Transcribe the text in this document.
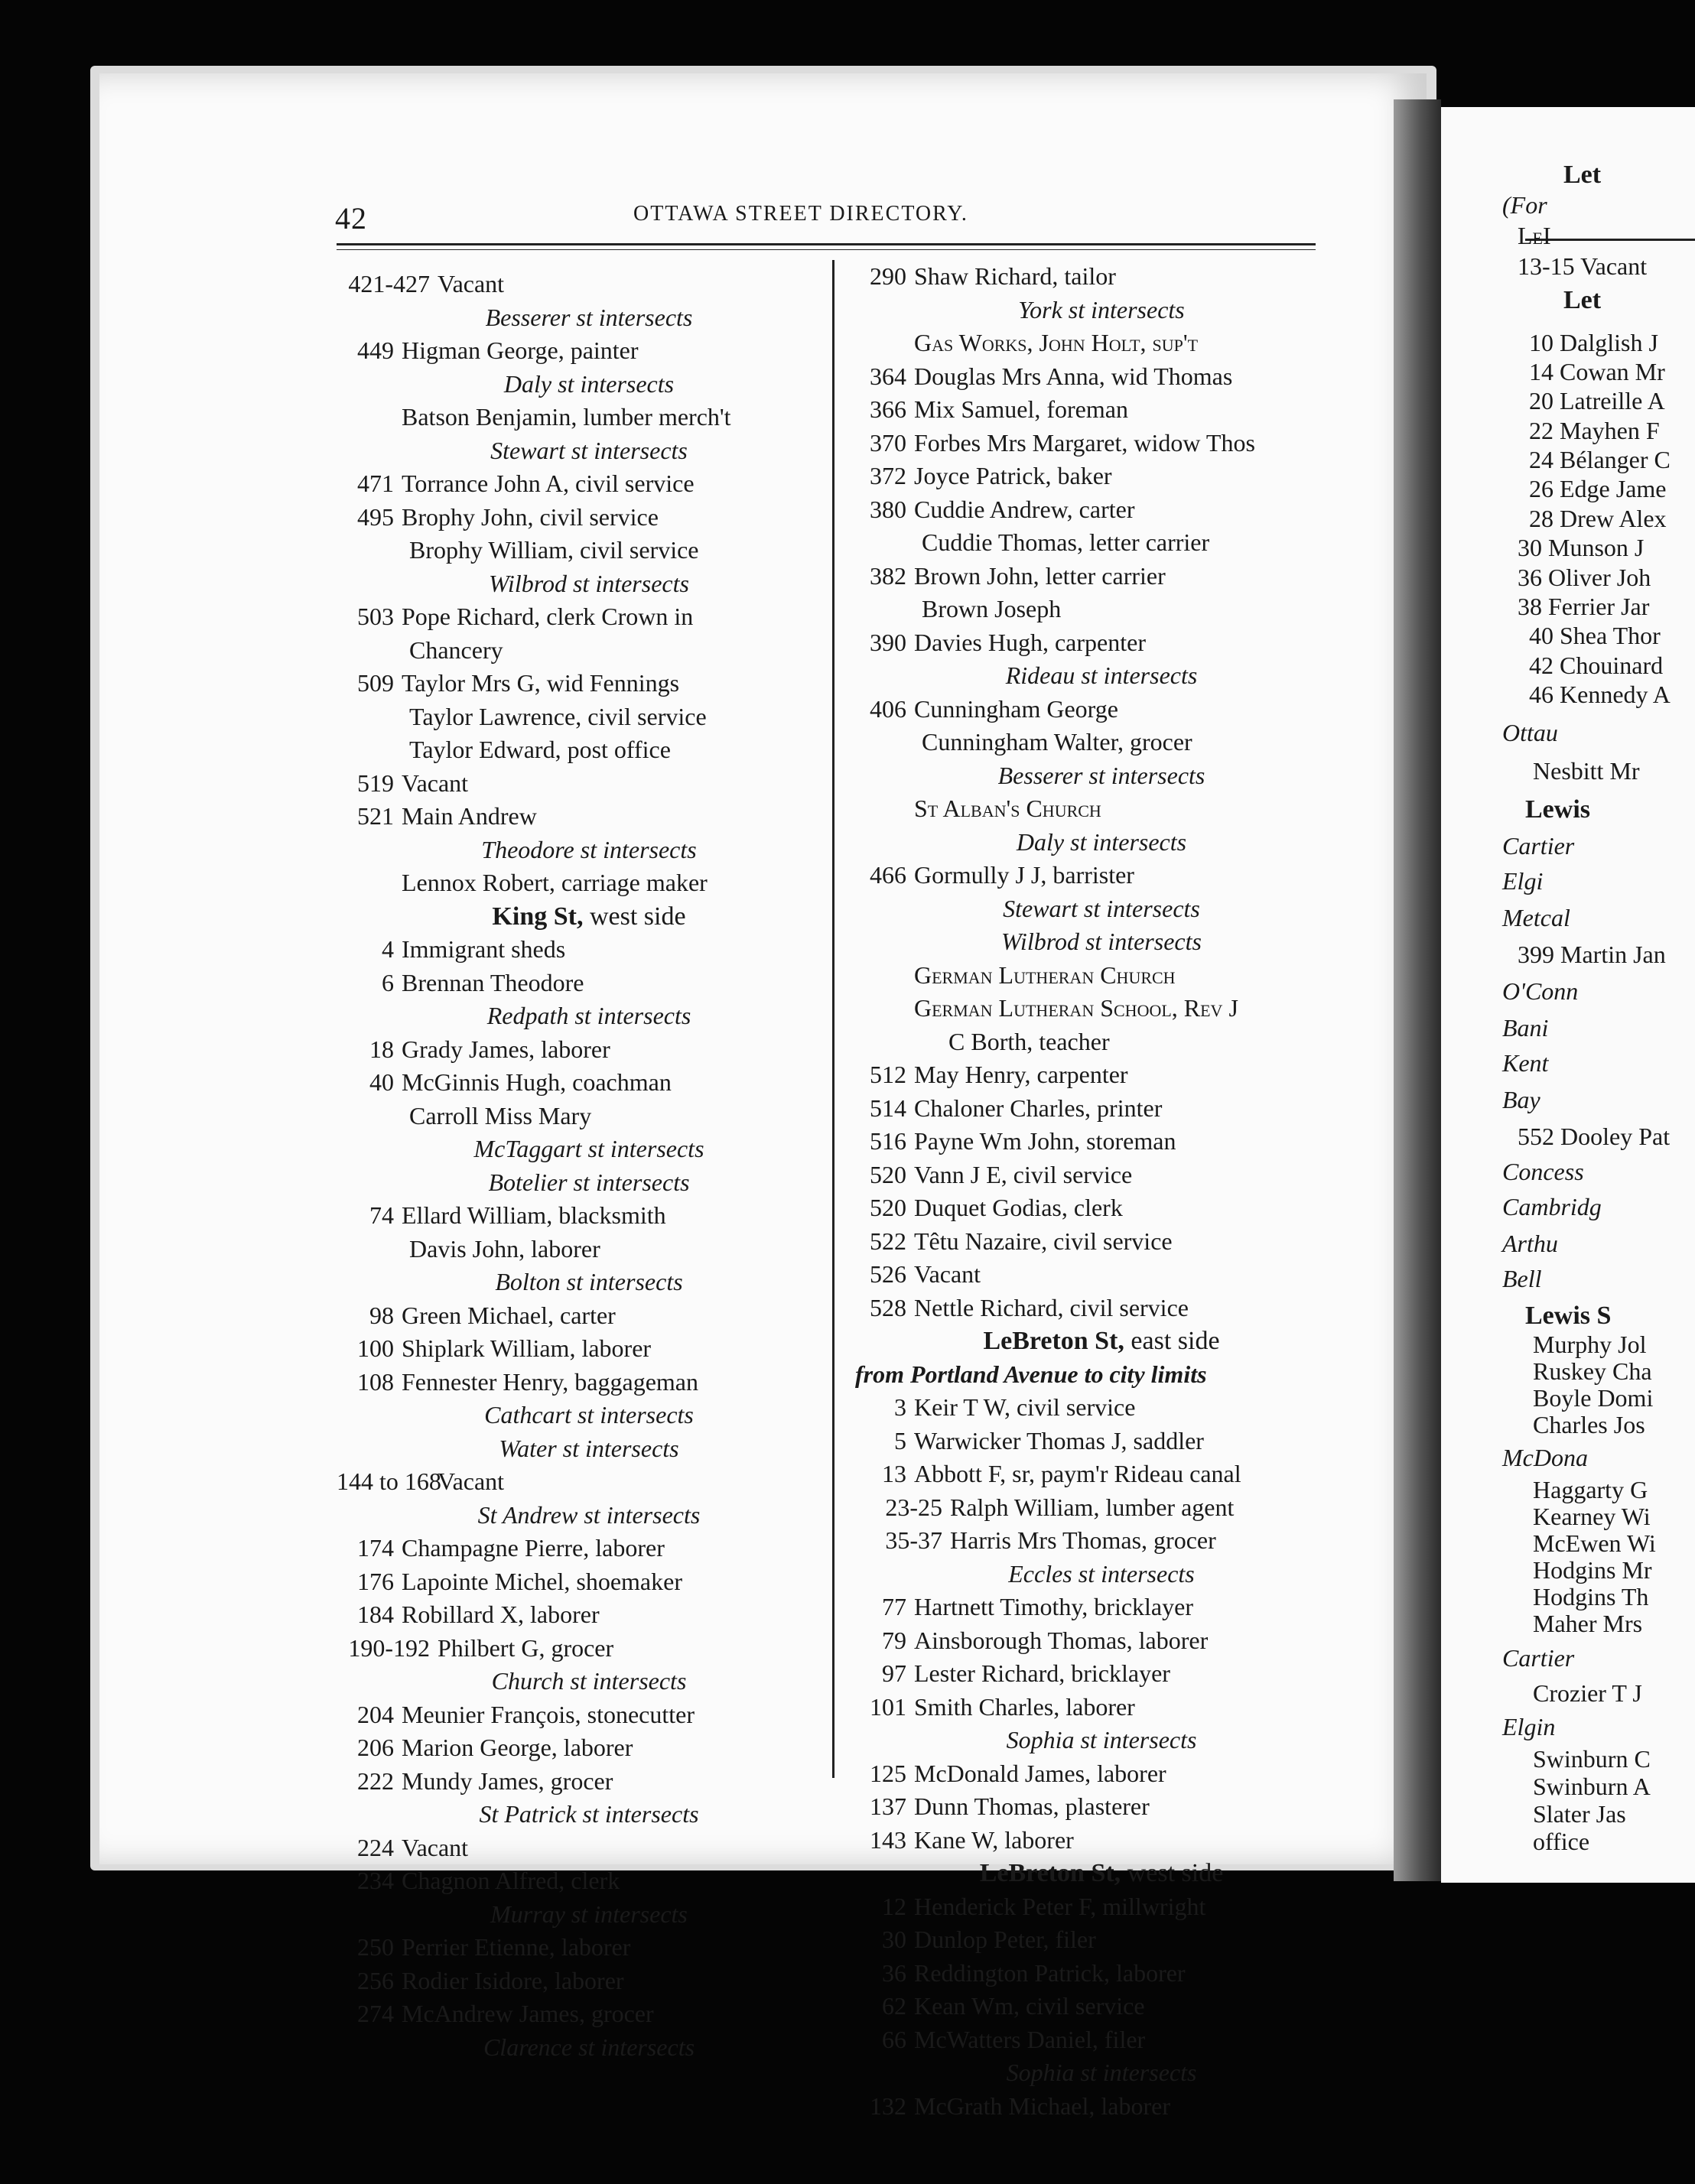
42	OTTAWA STREET DIRECTORY.
421-427 Vacant
Besserer st intersects
449 Higman George, painter
Daly st intersects
Batson Benjamin, lumber merch't
Stewart st intersects
471 Torrance John A, civil service
495 Brophy John, civil service
Brophy William, civil service
Wilbrod st intersects
503 Pope Richard, clerk Crown in
Chancery
509 Taylor Mrs G, wid Fennings
Taylor Lawrence, civil service
Taylor Edward, post office
519 Vacant
521 Main Andrew
Theodore st intersects
Lennox Robert, carriage maker
King St, west side
4 Immigrant sheds
6 Brennan Theodore
Redpath st intersects
18 Grady James, laborer
40 McGinnis Hugh, coachman
Carroll Miss Mary
McTaggart st intersects
Botelier st intersects
74 Ellard William, blacksmith
Davis John, laborer
Bolton st intersects
98 Green Michael, carter
100 Shiplark William, laborer
108 Fennester Henry, baggageman
Cathcart st intersects
Water st intersects
144 to 168Vacant
St Andrew st intersects
174 Champagne Pierre, laborer
176 Lapointe Michel, shoemaker
184 Robillard X, laborer
190-192 Philbert G, grocer
Church st intersects
204 Meunier François, stonecutter
206 Marion George, laborer
222 Mundy James, grocer
St Patrick st intersects
224 Vacant
234 Chagnon Alfred, clerk
Murray st intersects
250 Perrier Etienne, laborer
256 Rodier Isidore, laborer
274 McAndrew James, grocer
Clarence st intersects
290 Shaw Richard, tailor
York st intersects
Gas Works, John Holt, sup't
364 Douglas Mrs Anna, wid Thomas
366 Mix Samuel, foreman
370 Forbes Mrs Margaret, widow Thos
372 Joyce Patrick, baker
380 Cuddie Andrew, carter
Cuddie Thomas, letter carrier
382 Brown John, letter carrier
Brown Joseph
390 Davies Hugh, carpenter
Rideau st intersects
406 Cunningham George
Cunningham Walter, grocer
Besserer st intersects
St Alban's Church
Daly st intersects
466 Gormully J J, barrister
Stewart st intersects
Wilbrod st intersects
German Lutheran Church
German Lutheran School, Rev J
C Borth, teacher
512 May Henry, carpenter
514 Chaloner Charles, printer
516 Payne Wm John, storeman
520 Vann J E, civil service
520 Duquet Godias, clerk
522 Têtu Nazaire, civil service
526 Vacant
528 Nettle Richard, civil service
LeBreton St, east side
from Portland Avenue to city limits
3 Keir T W, civil service
5 Warwicker Thomas J, saddler
13 Abbott F, sr, paym'r Rideau canal
23-25 Ralph William, lumber agent
35-37 Harris Mrs Thomas, grocer
Eccles st intersects
77 Hartnett Timothy, bricklayer
79 Ainsborough Thomas, laborer
97 Lester Richard, bricklayer
101 Smith Charles, laborer
Sophia st intersects
125 McDonald James, laborer
137 Dunn Thomas, plasterer
143 Kane W, laborer
LeBreton St, west side
12 Henderick Peter F, millwright
30 Dunlop Peter, filer
36 Reddington Patrick, laborer
62 Kean Wm, civil service
66 McWatters Daniel, filer
Sophia st intersects
132 McGrath Michael, laborer
Let
(For
LeI
13-15 Vacant
Let
10 Dalglish J
14 Cowan Mr
20 Latreille A
22 Mayhen F
24 Bélanger C
26 Edge Jame
28 Drew Alex
30 Munson J
36 Oliver Joh
38 Ferrier Jar
40 Shea Thor
42 Chouinard
46 Kennedy A
Ottau
Nesbitt Mr
Lewis
Cartier
Elgi
Metcal
399 Martin Jan
O'Conn
Bani
Kent
Bay
552 Dooley Pat
Concess
Cambridg
Arthu
Bell
Lewis S
Murphy Jol
Ruskey Cha
Boyle Domi
Charles Jos
McDona
Haggarty G
Kearney Wi
McEwen Wi
Hodgins Mr
Hodgins Th
Maher Mrs
Cartier
Crozier T J
Elgin
Swinburn C
Swinburn A
Slater Jas
office
